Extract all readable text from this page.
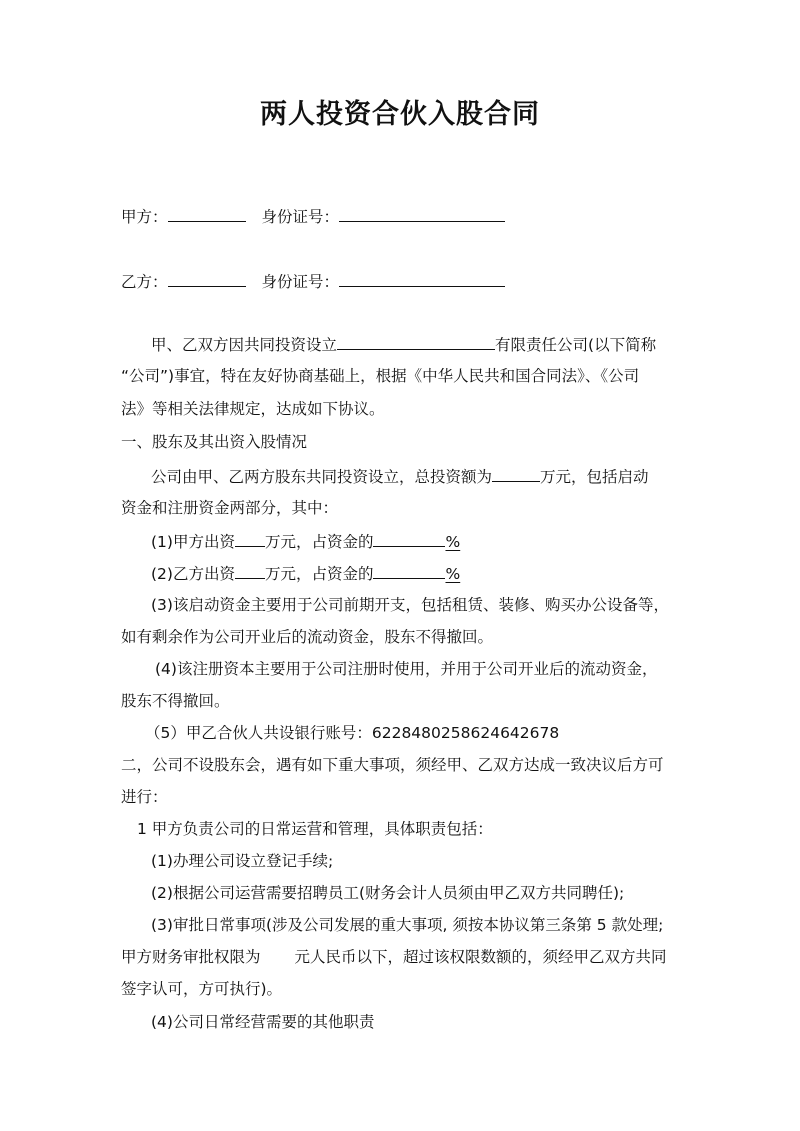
两人投资合伙入股合同
甲方：	身份证号：
乙方：	身份证号：
甲、乙双方因共同投资设立	有限责任公司(以下简称
“公司”)事宜，特在友好协商基础上，根据《中华人民共和国合同法》、《公司
法》等相关法律规定，达成如下协议。
一、股东及其出资入股情况
公司由甲、乙两方股东共同投资设立，总投资额为	万元，包括启动
资金和注册资金两部分，其中：
(1)甲方出资 万元，占资金的	%
(2)乙方出资 万元，占资金的	%
(3)该启动资金主要用于公司前期开支，包括租赁、装修、购买办公设备等，
如有剩余作为公司开业后的流动资金，股东不得撤回。
(4)该注册资本主要用于公司注册时使用，并用于公司开业后的流动资金，
股东不得撤回。
（5）甲乙合伙人共设银行账号：6228480258624642678
二，公司不设股东会，遇有如下重大事项，须经甲、乙双方达成一致决议后方可
进行：
1 甲方负责公司的日常运营和管理，具体职责包括：
(1)办理公司设立登记手续;
(2)根据公司运营需要招聘员工(财务会计人员须由甲乙双方共同聘任);
(3)审批日常事项(涉及公司发展的重大事项, 须按本协议第三条第 5 款处理;
甲方财务审批权限为 元人民币以下，超过该权限数额的，须经甲乙双方共同
签字认可，方可执行)。
(4)公司日常经营需要的其他职责
